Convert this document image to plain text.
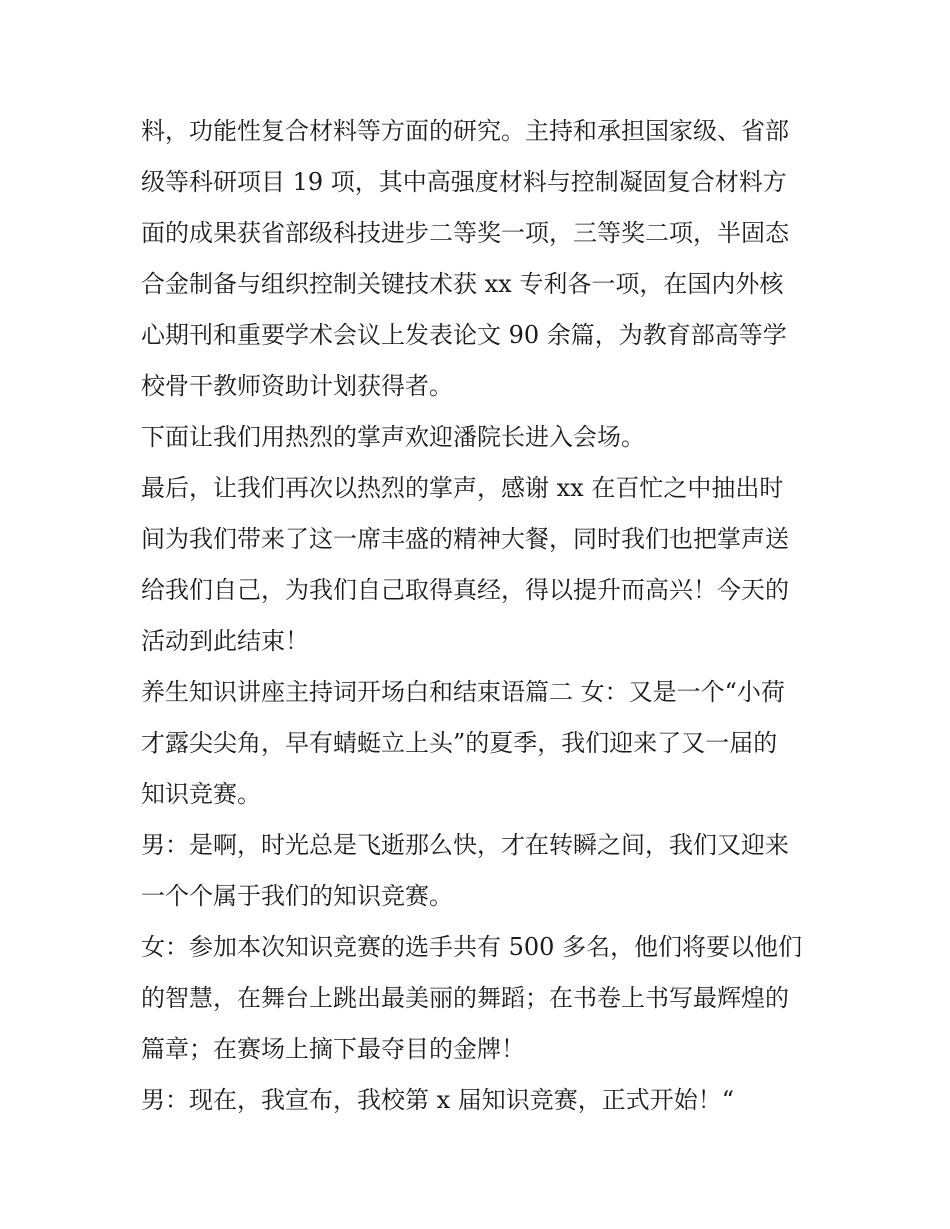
料，功能性复合材料等方面的研究。主持和承担国家级、省部
级等科研项目 19 项，其中高强度材料与控制凝固复合材料方
面的成果获省部级科技进步二等奖一项，三等奖二项，半固态
合金制备与组织控制关键技术获 xx 专利各一项，在国内外核
心期刊和重要学术会议上发表论文 90 余篇，为教育部高等学
校骨干教师资助计划获得者。
下面让我们用热烈的掌声欢迎潘院长进入会场。
最后，让我们再次以热烈的掌声，感谢 xx 在百忙之中抽出时
间为我们带来了这一席丰盛的精神大餐，同时我们也把掌声送
给我们自己，为我们自己取得真经，得以提升而高兴！今天的
活动到此结束！
养生知识讲座主持词开场白和结束语篇二 女：又是一个“小荷
才露尖尖角，早有蜻蜓立上头”的夏季，我们迎来了又一届的
知识竞赛。
男：是啊，时光总是飞逝那么快，才在转瞬之间，我们又迎来
一个个属于我们的知识竞赛。
女：参加本次知识竞赛的选手共有 500 多名，他们将要以他们
的智慧，在舞台上跳出最美丽的舞蹈；在书卷上书写最辉煌的
篇章；在赛场上摘下最夺目的金牌！
男：现在，我宣布，我校第 x 届知识竞赛，正式开始！“
